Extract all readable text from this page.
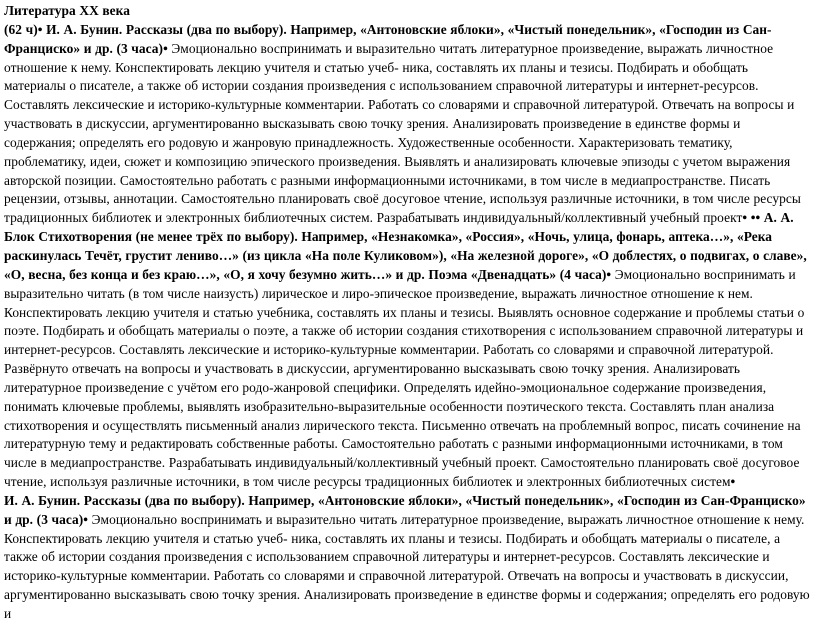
Литература XX века

(62 ч)• И. А. Бунин. Рассказы (два по выбору). Например, «Антоновские яблоки», «Чистый понедельник», «Господин из Сан-Франциско» и др. (3 часа)• Эмоционально воспринимать и выразительно читать литературное произведение, выражать личностное отношение к нему. Конспектировать лекцию учителя и статью учеб- ника, составлять их планы и тезисы. Подбирать и обобщать материалы о писателе, а также об истории создания произведения с использованием справочной литературы и интернет-ресурсов. Составлять лексические и историко-культурные комментарии. Работать со словарями и справочной литературой. Отвечать на вопросы и участвовать в дискуссии, аргументированно высказывать свою точку зрения. Анализировать произведение в единстве формы и содержания; определять его родовую и жанровую принадлежность. Художественные особенности. Характеризовать тематику, проблематику, идеи, сюжет и композицию эпического произведения. Выявлять и анализировать ключевые эпизоды с учетом выражения авторской позиции. Самостоятельно работать с разными информационными источниками, в том числе в медиапространстве. Писать рецензии, отзывы, аннотации. Самостоятельно планировать своё досуговое чтение, используя различные источники, в том числе ресурсы традиционных библиотек и электронных библиотечных систем. Разрабатывать индивидуальный/коллективный учебный проект• •• А. А. Блок Стихотворения (не менее трёх по выбору). Например, «Незнакомка», «Россия», «Ночь, улица, фонарь, аптека…», «Река раскинулась Течёт, грустит лениво…» (из цикла «На поле Куликовом»), «На железной дороге», «О доблестях, о подвигах, о славе», «О, весна, без конца и без краю…», «О, я хочу безумно жить…» и др. Поэма «Двенадцать» (4 часа)• Эмоционально воспринимать и выразительно читать (в том числе наизусть) лирическое и лиро-эпическое произведение, выражать личностное отношение к нем. Конспектировать лекцию учителя и статью учебника, составлять их планы и тезисы. Выявлять основное содержание и проблемы статьи о поэте. Подбирать и обобщать материалы о поэте, а также об истории создания стихотворения с использованием справочной литературы и интернет-ресурсов. Составлять лексические и историко-культурные комментарии. Работать со словарями и справочной литературой. Развёрнуто отвечать на вопросы и участвовать в дискуссии, аргументированно высказывать свою точку зрения. Анализировать литературное произведение с учётом его родо-жанровой специфики. Определять идейно-эмоциональное содержание произведения, понимать ключевые проблемы, выявлять изобразительно-выразительные особенности поэтического текста. Составлять план анализа стихотворения и осуществлять письменный анализ лирического текста. Письменно отвечать на проблемный вопрос, писать сочинение на литературную тему и редактировать собственные работы. Самостоятельно работать с разными информационными источниками, в том числе в медиапространстве. Разрабатывать индивидуальный/коллективный учебный проект. Самостоятельно планировать своё досуговое чтение, используя различные источники, в том числе ресурсы традиционных библиотек и электронных библиотечных систем•

И. А. Бунин. Рассказы (два по выбору). Например, «Антоновские яблоки», «Чистый понедельник», «Господин из Сан-Франциско» и др. (3 часа)• Эмоционально воспринимать и выразительно читать литературное произведение, выражать личностное отношение к нему. Конспектировать лекцию учителя и статью учеб- ника, составлять их планы и тезисы. Подбирать и обобщать материалы о писателе, а также об истории создания произведения с использованием справочной литературы и интернет-ресурсов. Составлять лексические и историко-культурные комментарии. Работать со словарями и справочной литературой. Отвечать на вопросы и участвовать в дискуссии, аргументированно высказывать свою точку зрения. Анализировать произведение в единстве формы и содержания; определять его родовую и
